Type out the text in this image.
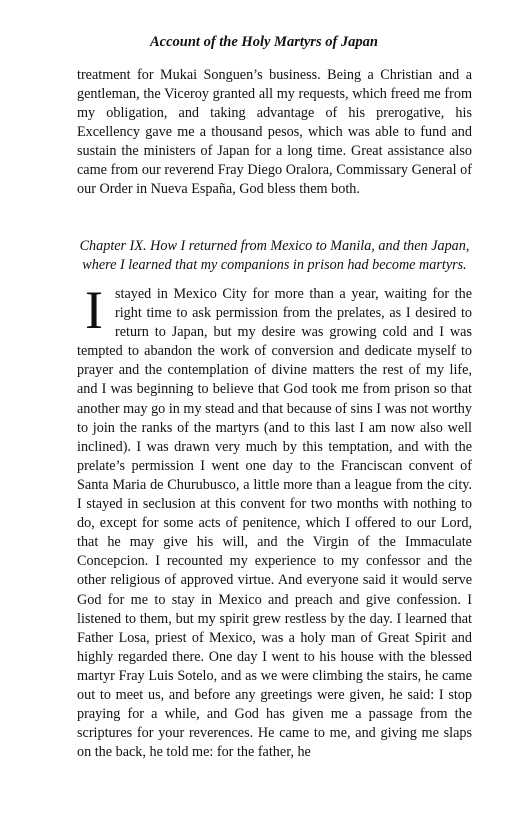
Account of the Holy Martyrs of Japan

treatment for Mukai Songuen’s business. Being a Christian and a gentleman, the Viceroy granted all my requests, which freed me from my obligation, and taking advantage of his prerogative, his Excellency gave me a thousand pesos, which was able to fund and sustain the ministers of Japan for a long time. Great assistance also came from our reverend Fray Diego Oralora, Commissary General of our Order in Nueva España, God bless them both.

Chapter IX. How I returned from Mexico to Manila, and then Japan, where I learned that my companions in prison had become martyrs.

Istayed in Mexico City for more than a year, waiting for the right time to ask permission from the prelates, as I desired to return to Japan, but my desire was growing cold and I was tempted to abandon the work of conversion and dedicate myself to prayer and the contemplation of divine matters the rest of my life, and I was beginning to believe that God took me from prison so that another may go in my stead and that because of sins I was not worthy to join the ranks of the martyrs (and to this last I am now also well inclined). I was drawn very much by this temptation, and with the prelate’s permission I went one day to the Franciscan convent of Santa Maria de Churubusco, a little more than a league from the city. I stayed in seclusion at this convent for two months with nothing to do, except for some acts of penitence, which I offered to our Lord, that he may give his will, and the Virgin of the Immaculate Concepcion. I recounted my experience to my confessor and the other religious of approved virtue. And everyone said it would serve God for me to stay in Mexico and preach and give confession. I listened to them, but my spirit grew restless by the day. I learned that Father Losa, priest of Mexico, was a holy man of Great Spirit and highly regarded there. One day I went to his house with the blessed martyr Fray Luis Sotelo, and as we were climbing the stairs, he came out to meet us, and before any greetings were given, he said: I stop praying for a while, and God has given me a passage from the scriptures for your reverences. He came to me, and giving me slaps on the back, he told me: for the father, he
